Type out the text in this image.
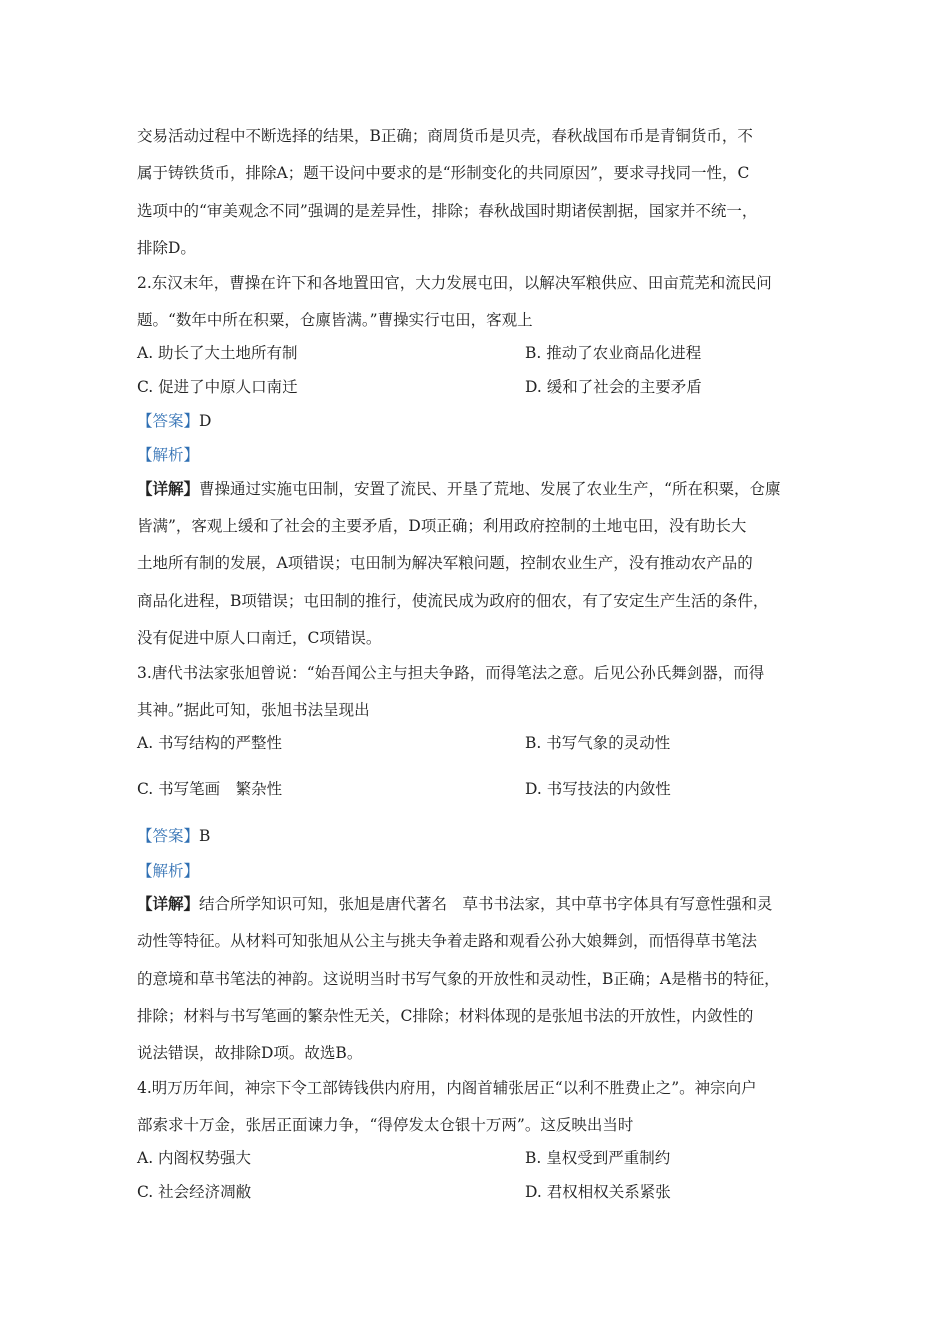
交易活动过程中不断选择的结果，B正确；商周货币是贝壳，春秋战国布币是青铜货币，不
属于铸铁货币，排除A；题干设问中要求的是“形制变化的共同原因”，要求寻找同一性，C
选项中的“审美观念不同”强调的是差异性，排除；春秋战国时期诸侯割据，国家并不统一，
排除D。
2.东汉末年，曹操在许下和各地置田官，大力发展屯田，以解决军粮供应、田亩荒芜和流民问
题。“数年中所在积粟，仓廪皆满。”曹操实行屯田，客观上
A. 助长了大土地所有制	B. 推动了农业商品化进程
C. 促进了中原人口南迁	D. 缓和了社会的主要矛盾
【答案】D
【解析】
【详解】曹操通过实施屯田制，安置了流民、开垦了荒地、发展了农业生产，“所在积粟，仓廪
皆满”，客观上缓和了社会的主要矛盾，D项正确；利用政府控制的土地屯田，没有助长大
土地所有制的发展，A项错误；屯田制为解决军粮问题，控制农业生产，没有推动农产品的
商品化进程，B项错误；屯田制的推行，使流民成为政府的佃农，有了安定生产生活的条件，
没有促进中原人口南迁，C项错误。
3.唐代书法家张旭曾说：“始吾闻公主与担夫争路，而得笔法之意。后见公孙氏舞剑器，而得
其神。”据此可知，张旭书法呈现出
A. 书写结构的严整性	B. 书写气象的灵动性
C. 书写笔画　繁杂性	D. 书写技法的内敛性
【答案】B
【解析】
【详解】结合所学知识可知，张旭是唐代著名　草书书法家，其中草书字体具有写意性强和灵
动性等特征。从材料可知张旭从公主与挑夫争着走路和观看公孙大娘舞剑，而悟得草书笔法
的意境和草书笔法的神韵。这说明当时书写气象的开放性和灵动性，B正确；A是楷书的特征，
排除；材料与书写笔画的繁杂性无关，C排除；材料体现的是张旭书法的开放性，内敛性的
说法错误，故排除D项。故选B。
4.明万历年间，神宗下令工部铸钱供内府用，内阁首辅张居正“以利不胜费止之”。神宗向户
部索求十万金，张居正面谏力争，“得停发太仓银十万两”。这反映出当时
A. 内阁权势强大	B. 皇权受到严重制约
C. 社会经济凋敝	D. 君权相权关系紧张
